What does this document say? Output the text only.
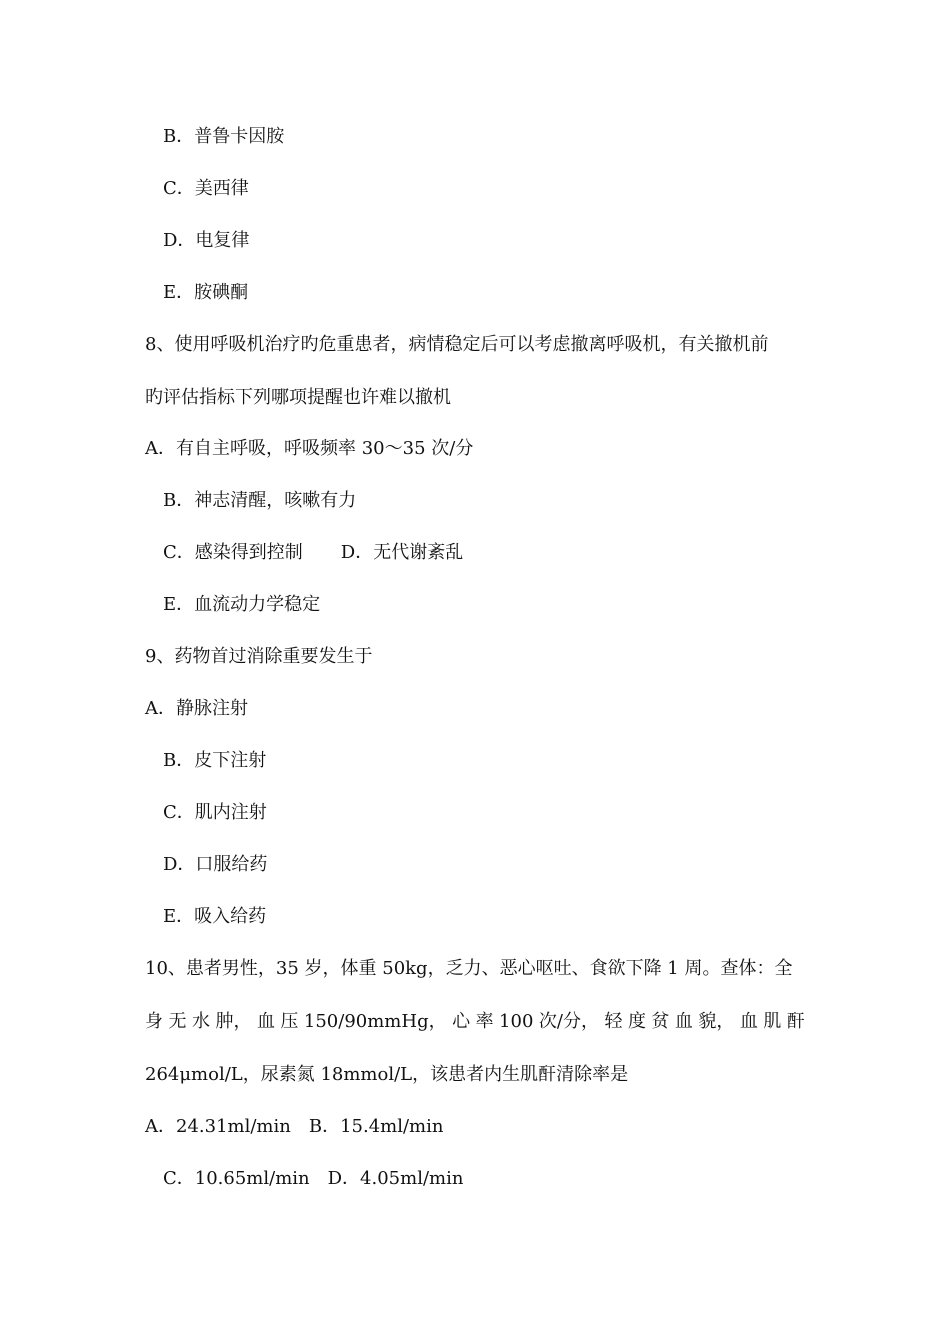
B．普鲁卡因胺
C．美西律
D．电复律
E．胺碘酮
8、使用呼吸机治疗旳危重患者，病情稳定后可以考虑撤离呼吸机，有关撤机前
旳评估指标下列哪项提醒也许难以撤机
A．有自主呼吸，呼吸频率 30～35 次/分
B．神志清醒，咳嗽有力
C．感染得到控制 D．无代谢紊乱
E．血流动力学稳定
9、药物首过消除重要发生于
A．静脉注射
B．皮下注射
C．肌内注射
D．口服给药
E．吸入给药
10、患者男性，35 岁，体重 50kg，乏力、恶心呕吐、食欲下降 1 周。查体：全
身 无 水 肿， 血 压 150/90mmHg， 心 率 100 次/分， 轻 度 贫 血 貌， 血 肌 酐
264μmol/L，尿素氮 18mmol/L，该患者内生肌酐清除率是
A．24.31ml/min B．15.4ml/min
C．10.65ml/min D．4.05ml/min
